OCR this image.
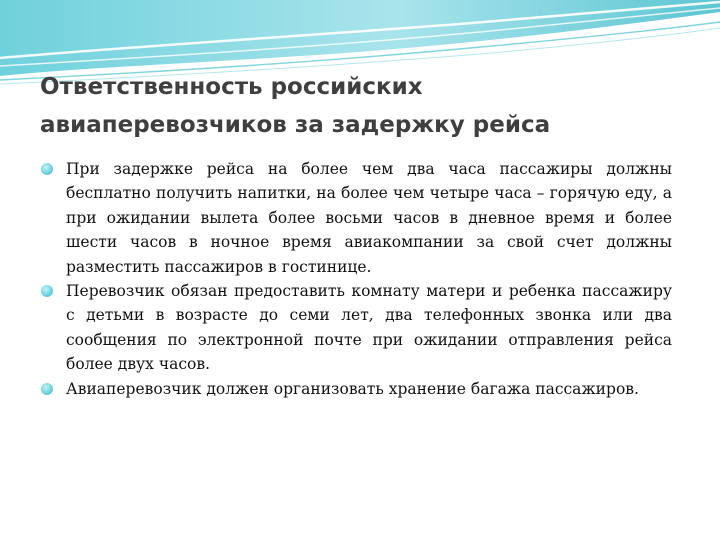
Ответственность российских
авиаперевозчиков за задержку рейса
При задержке рейса на более чем два часа пассажиры должны бесплатно получить напитки, на более чем четыре часа – горячую еду, а при ожидании вылета более восьми часов в дневное время и более шести часов в ночное время авиакомпании за свой счет должны разместить пассажиров в гостинице.
Перевозчик обязан предоставить комнату матери и ребенка пассажиру с детьми в возрасте до семи лет, два телефонных звонка или два сообщения по электронной почте при ожидании отправления рейса более двух часов.
Авиаперевозчик должен организовать хранение багажа пассажиров.
